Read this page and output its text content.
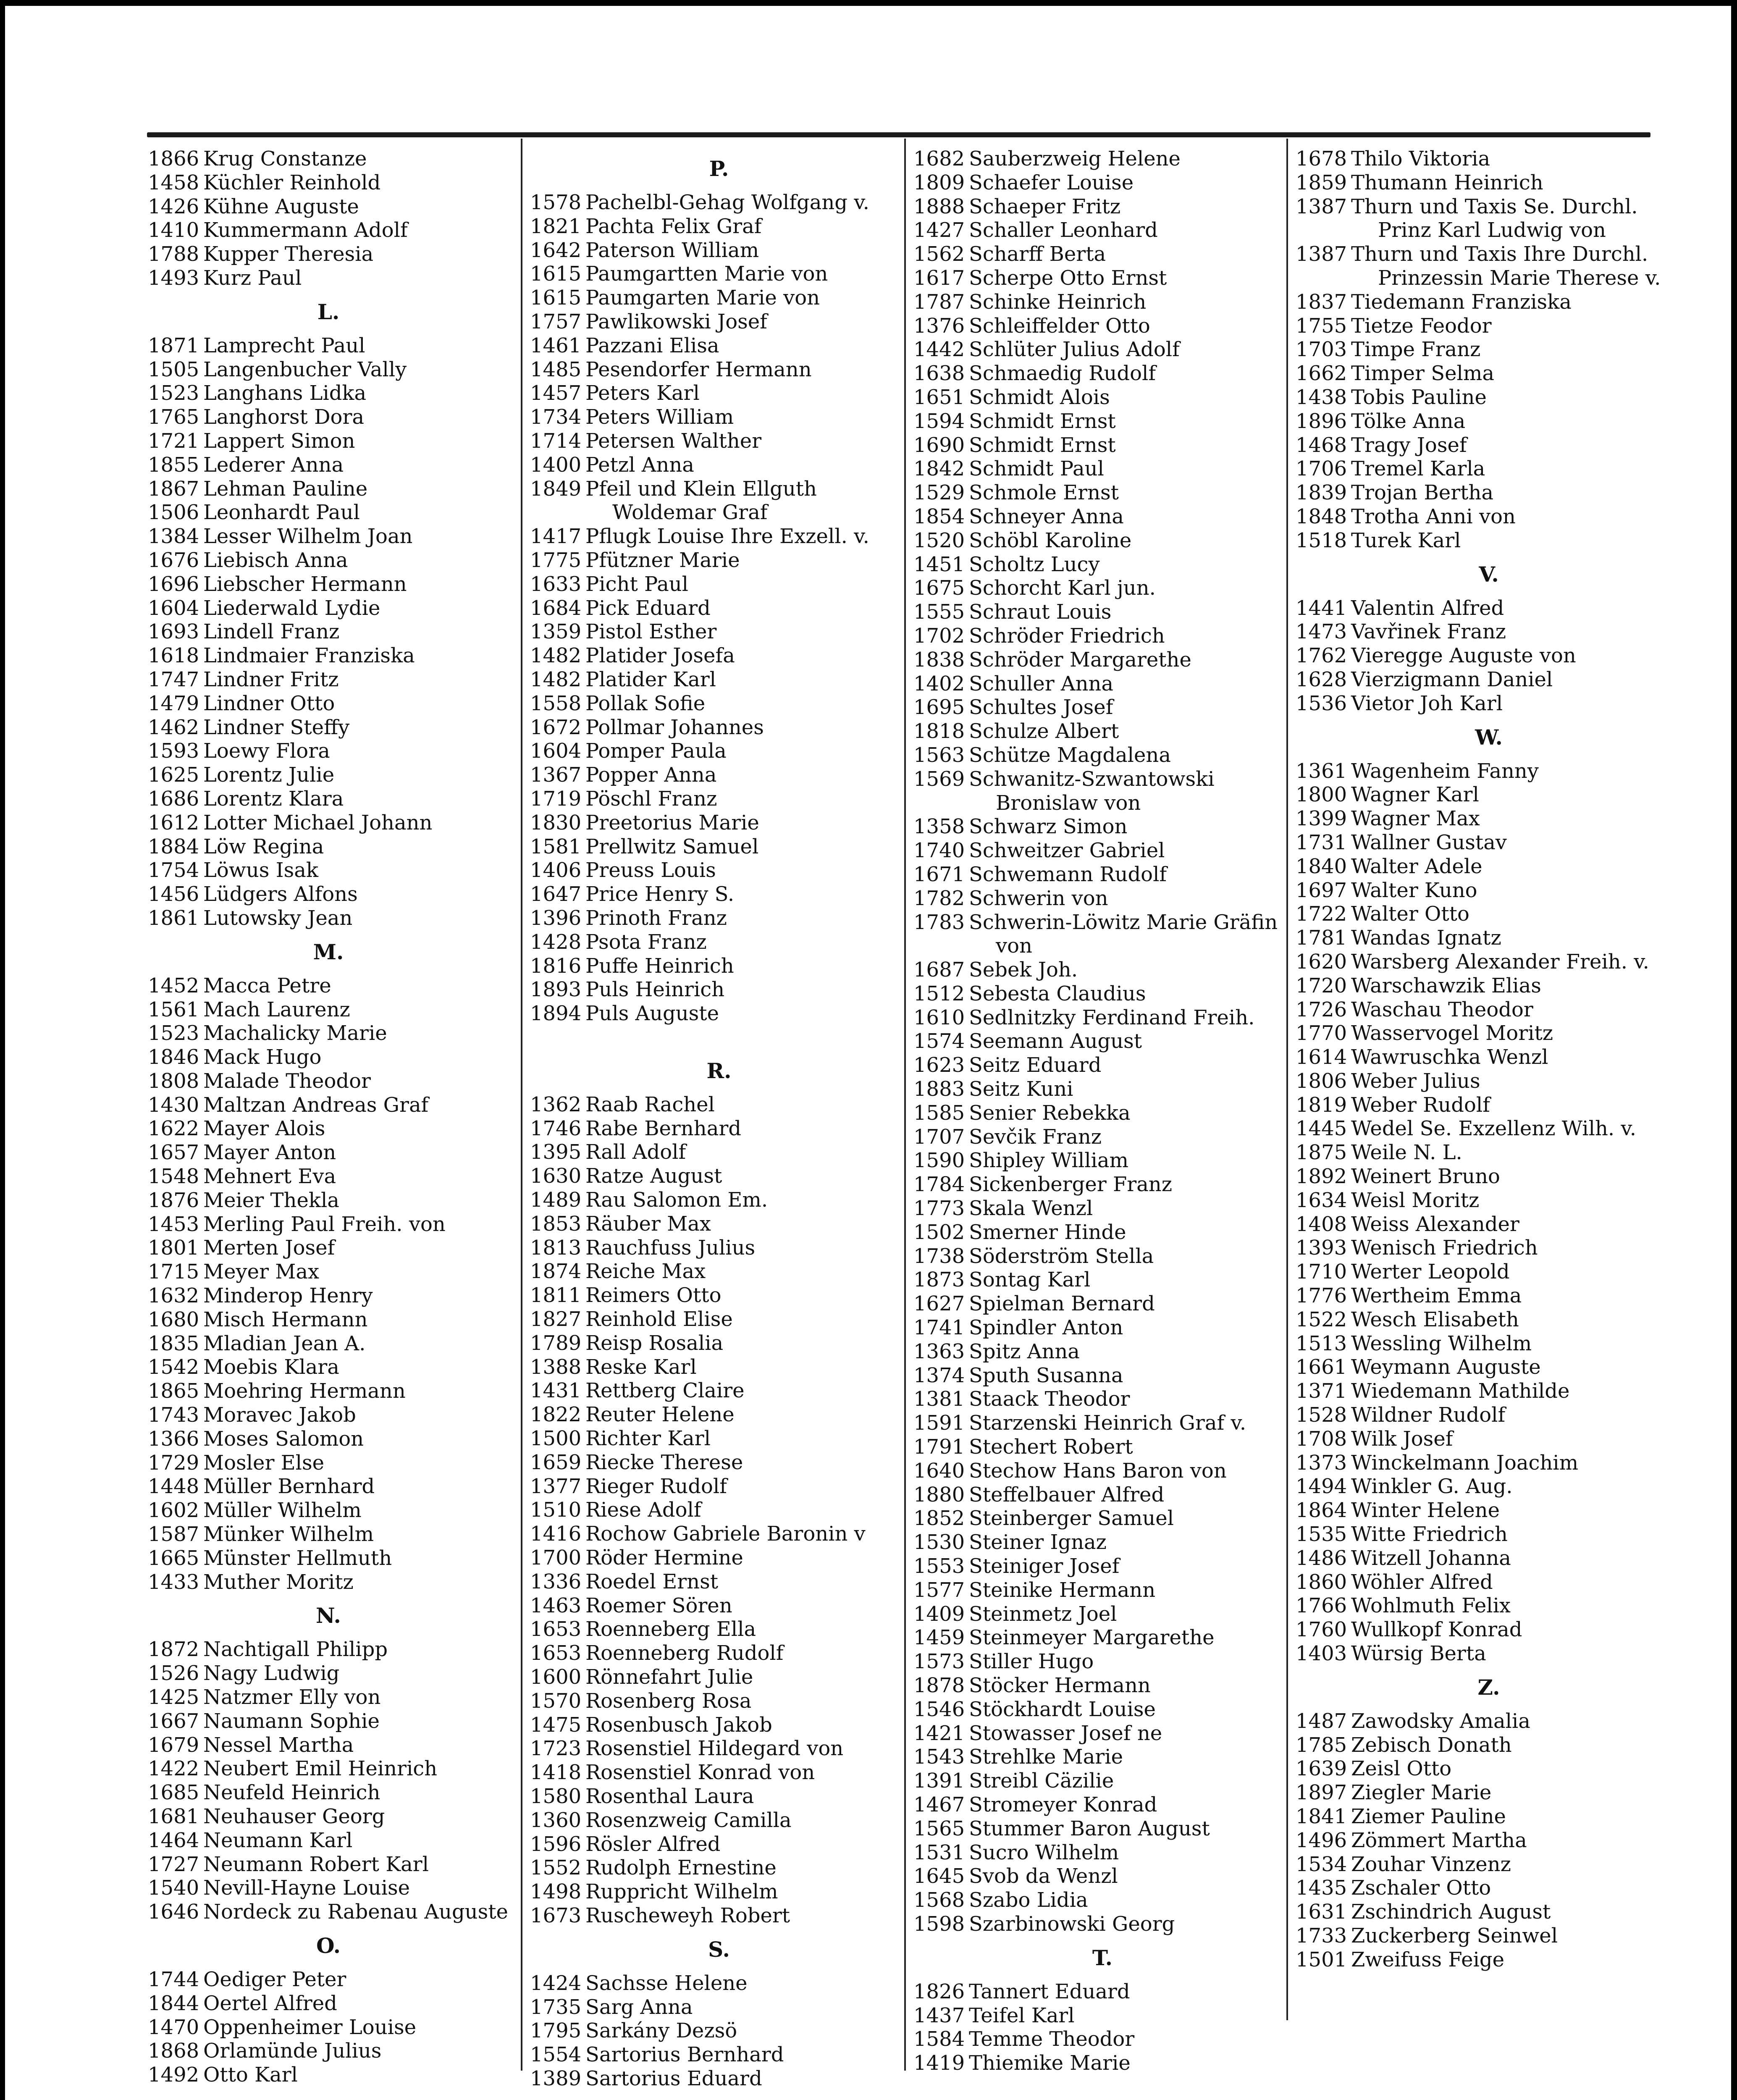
1866 Krug Constanze
1458 Küchler Reinhold
1426 Kühne Auguste
1410 Kummermann Adolf
1788 Kupper Theresia
1493 Kurz Paul
L.
1871 Lamprecht Paul
1505 Langenbucher Vally
1523 Langhans Lidka
1765 Langhorst Dora
1721 Lappert Simon
1855 Lederer Anna
1867 Lehman Pauline
1506 Leonhardt Paul
1384 Lesser Wilhelm Joan
1676 Liebisch Anna
1696 Liebscher Hermann
1604 Liederwald Lydie
1693 Lindell Franz
1618 Lindmaier Franziska
1747 Lindner Fritz
1479 Lindner Otto
1462 Lindner Steffy
1593 Loewy Flora
1625 Lorentz Julie
1686 Lorentz Klara
1612 Lotter Michael Johann
1884 Löw Regina
1754 Löwus Isak
1456 Lüdgers Alfons
1861 Lutowsky Jean
M.
1452 Macca Petre
1561 Mach Laurenz
1523 Machalicky Marie
1846 Mack Hugo
1808 Malade Theodor
1430 Maltzan Andreas Graf
1622 Mayer Alois
1657 Mayer Anton
1548 Mehnert Eva
1876 Meier Thekla
1453 Merling Paul Freih. von
1801 Merten Josef
1715 Meyer Max
1632 Minderop Henry
1680 Misch Hermann
1835 Mladian Jean A.
1542 Moebis Klara
1865 Moehring Hermann
1743 Moravec Jakob
1366 Moses Salomon
1729 Mosler Else
1448 Müller Bernhard
1602 Müller Wilhelm
1587 Münker Wilhelm
1665 Münster Hellmuth
1433 Muther Moritz
N.
1872 Nachtigall Philipp
1526 Nagy Ludwig
1425 Natzmer Elly von
1667 Naumann Sophie
1679 Nessel Martha
1422 Neubert Emil Heinrich
1685 Neufeld Heinrich
1681 Neuhauser Georg
1464 Neumann Karl
1727 Neumann Robert Karl
1540 Nevill-Hayne Louise
1646 Nordeck zu Rabenau Auguste
O.
1744 Oediger Peter
1844 Oertel Alfred
1470 Oppenheimer Louise
1868 Orlamünde Julius
1492 Otto Karl
P.
1578 Pachelbl-Gehag Wolfgang v.
1821 Pachta Felix Graf
1642 Paterson William
1615 Paumgartten Marie von
1615 Paumgarten Marie von
1757 Pawlikowski Josef
1461 Pazzani Elisa
1485 Pesendorfer Hermann
1457 Peters Karl
1734 Peters William
1714 Petersen Walther
1400 Petzl Anna
1849 Pfeil und Klein Ellguth
Woldemar Graf
1417 Pflugk Louise Ihre Exzell. v.
1775 Pfützner Marie
1633 Picht Paul
1684 Pick Eduard
1359 Pistol Esther
1482 Platider Josefa
1482 Platider Karl
1558 Pollak Sofie
1672 Pollmar Johannes
1604 Pomper Paula
1367 Popper Anna
1719 Pöschl Franz
1830 Preetorius Marie
1581 Prellwitz Samuel
1406 Preuss Louis
1647 Price Henry S.
1396 Prinoth Franz
1428 Psota Franz
1816 Puffe Heinrich
1893 Puls Heinrich
1894 Puls Auguste
R.
1362 Raab Rachel
1746 Rabe Bernhard
1395 Rall Adolf
1630 Ratze August
1489 Rau Salomon Em.
1853 Räuber Max
1813 Rauchfuss Julius
1874 Reiche Max
1811 Reimers Otto
1827 Reinhold Elise
1789 Reisp Rosalia
1388 Reske Karl
1431 Rettberg Claire
1822 Reuter Helene
1500 Richter Karl
1659 Riecke Therese
1377 Rieger Rudolf
1510 Riese Adolf
1416 Rochow Gabriele Baronin v
1700 Röder Hermine
1336 Roedel Ernst
1463 Roemer Sören
1653 Roenneberg Ella
1653 Roenneberg Rudolf
1600 Rönnefahrt Julie
1570 Rosenberg Rosa
1475 Rosenbusch Jakob
1723 Rosenstiel Hildegard von
1418 Rosenstiel Konrad von
1580 Rosenthal Laura
1360 Rosenzweig Camilla
1596 Rösler Alfred
1552 Rudolph Ernestine
1498 Ruppricht Wilhelm
1673 Ruscheweyh Robert
S.
1424 Sachsse Helene
1735 Sarg Anna
1795 Sarkány Dezsö
1554 Sartorius Bernhard
1389 Sartorius Eduard
1682 Sauberzweig Helene
1809 Schaefer Louise
1888 Schaeper Fritz
1427 Schaller Leonhard
1562 Scharff Berta
1617 Scherpe Otto Ernst
1787 Schinke Heinrich
1376 Schleiffelder Otto
1442 Schlüter Julius Adolf
1638 Schmaedig Rudolf
1651 Schmidt Alois
1594 Schmidt Ernst
1690 Schmidt Ernst
1842 Schmidt Paul
1529 Schmole Ernst
1854 Schneyer Anna
1520 Schöbl Karoline
1451 Scholtz Lucy
1675 Schorcht Karl jun.
1555 Schraut Louis
1702 Schröder Friedrich
1838 Schröder Margarethe
1402 Schuller Anna
1695 Schultes Josef
1818 Schulze Albert
1563 Schütze Magdalena
1569 Schwanitz-Szwantowski
Bronislaw von
1358 Schwarz Simon
1740 Schweitzer Gabriel
1671 Schwemann Rudolf
1782 Schwerin von
1783 Schwerin-Löwitz Marie Gräfin
von
1687 Sebek Joh.
1512 Sebesta Claudius
1610 Sedlnitzky Ferdinand Freih.
1574 Seemann August
1623 Seitz Eduard
1883 Seitz Kuni
1585 Senier Rebekka
1707 Sevčik Franz
1590 Shipley William
1784 Sickenberger Franz
1773 Skala Wenzl
1502 Smerner Hinde
1738 Söderström Stella
1873 Sontag Karl
1627 Spielman Bernard
1741 Spindler Anton
1363 Spitz Anna
1374 Sputh Susanna
1381 Staack Theodor
1591 Starzenski Heinrich Graf v.
1791 Stechert Robert
1640 Stechow Hans Baron von
1880 Steffelbauer Alfred
1852 Steinberger Samuel
1530 Steiner Ignaz
1553 Steiniger Josef
1577 Steinike Hermann
1409 Steinmetz Joel
1459 Steinmeyer Margarethe
1573 Stiller Hugo
1878 Stöcker Hermann
1546 Stöckhardt Louise
1421 Stowasser Josef ne
1543 Strehlke Marie
1391 Streibl Cäzilie
1467 Stromeyer Konrad
1565 Stummer Baron August
1531 Sucro Wilhelm
1645 Svob da Wenzl
1568 Szabo Lidia
1598 Szarbinowski Georg
T.
1826 Tannert Eduard
1437 Teifel Karl
1584 Temme Theodor
1419 Thiemike Marie
1678 Thilo Viktoria
1859 Thumann Heinrich
1387 Thurn und Taxis Se. Durchl.
Prinz Karl Ludwig von
1387 Thurn und Taxis Ihre Durchl.
Prinzessin Marie Therese v.
1837 Tiedemann Franziska
1755 Tietze Feodor
1703 Timpe Franz
1662 Timper Selma
1438 Tobis Pauline
1896 Tölke Anna
1468 Tragy Josef
1706 Tremel Karla
1839 Trojan Bertha
1848 Trotha Anni von
1518 Turek Karl
V.
1441 Valentin Alfred
1473 Vavřinek Franz
1762 Vieregge Auguste von
1628 Vierzigmann Daniel
1536 Vietor Joh Karl
W.
1361 Wagenheim Fanny
1800 Wagner Karl
1399 Wagner Max
1731 Wallner Gustav
1840 Walter Adele
1697 Walter Kuno
1722 Walter Otto
1781 Wandas Ignatz
1620 Warsberg Alexander Freih. v.
1720 Warschawzik Elias
1726 Waschau Theodor
1770 Wasservogel Moritz
1614 Wawruschka Wenzl
1806 Weber Julius
1819 Weber Rudolf
1445 Wedel Se. Exzellenz Wilh. v.
1875 Weile N. L.
1892 Weinert Bruno
1634 Weisl Moritz
1408 Weiss Alexander
1393 Wenisch Friedrich
1710 Werter Leopold
1776 Wertheim Emma
1522 Wesch Elisabeth
1513 Wessling Wilhelm
1661 Weymann Auguste
1371 Wiedemann Mathilde
1528 Wildner Rudolf
1708 Wilk Josef
1373 Winckelmann Joachim
1494 Winkler G. Aug.
1864 Winter Helene
1535 Witte Friedrich
1486 Witzell Johanna
1860 Wöhler Alfred
1766 Wohlmuth Felix
1760 Wullkopf Konrad
1403 Würsig Berta
Z.
1487 Zawodsky Amalia
1785 Zebisch Donath
1639 Zeisl Otto
1897 Ziegler Marie
1841 Ziemer Pauline
1496 Zömmert Martha
1534 Zouhar Vinzenz
1435 Zschaler Otto
1631 Zschindrich August
1733 Zuckerberg Seinwel
1501 Zweifuss Feige
